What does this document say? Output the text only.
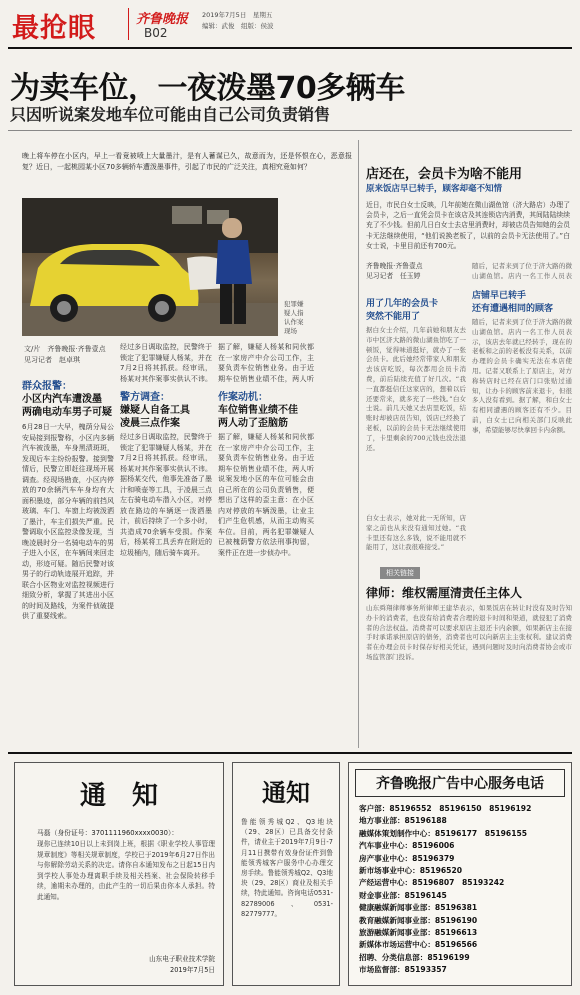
最抢眼	齐鲁晚报
B02
2019年7月5日　星期五
编辑：武俊　组版：侯波
为卖车位，一夜泼墨70多辆车
只因听说案发地车位可能由自己公司负责销售
晚上将车停在小区内，早上一看竟被喷上大量墨汁，是有人蓄谋已久，故意而为，还是怀恨在心，恶意报复？近日，一起桃园某小区70多辆轿车遭泼墨事件，引起了市民的广泛关注，真相究竟如何？
犯罪嫌疑人指认作案现场
文/片　齐鲁晚报·齐鲁壹点
见习记者　赵卓琪
群众报警：
小区内汽车遭泼墨
两确电动车男子可疑
6月28日一大早，槐荫分局公安局接到报警称，小区内多辆汽车被泼墨，车身黑渍斑斑，发现后车主纷纷报警。接到警情后，民警立即赶往现场开展调查。经现场勘查，小区内停放的70余辆汽车车身均有大面积墨迹，部分车辆的前挡风玻璃、车门、车窗上均被泼洒了墨汁，车主们损失严重。民警调取小区监控录像发现，当晚凌晨时分一名骑电动车的男子进入小区，在车辆间来回走动，形迹可疑。随后民警对该男子的行动轨迹展开追踪，并联合小区物业对监控视频进行细致分析，掌握了其进出小区的时间及路线，为案件侦破提供了重要线索。
经过多日调取监控，民警终于锁定了犯罪嫌疑人杨某，并在7月2日将其抓获。经审讯，杨某对其作案事实供认不讳。
警方调查：
嫌疑人自备工具
凌晨三点作案
经过多日调取监控，民警终于锁定了犯罪嫌疑人杨某，并在7月2日将其抓获。经审讯，杨某对其作案事实供认不讳。据杨某交代，他事先准备了墨汁和喷壶等工具，于凌晨三点左右骑电动车潜入小区，对停放在路边的车辆逐一泼洒墨汁，前后持续了一个多小时，共造成70余辆车受损。作案后，杨某将工具丢弃在附近的垃圾桶内，随后骑车离开。
据了解，嫌疑人杨某和同伙都在一家房产中介公司工作，主要负责车位销售业务。由于近期车位销售业绩不佳，两人听
作案动机：
车位销售业绩不佳
两人动了歪脑筋
据了解，嫌疑人杨某和同伙都在一家房产中介公司工作，主要负责车位销售业务。由于近期车位销售业绩不佳，两人听说案发地小区的车位可能会由自己所在的公司负责销售，便想出了这样的歪主意：在小区内对停放的车辆泼墨，让业主们产生危机感，从而主动购买车位。目前，两名犯罪嫌疑人已被槐荫警方依法刑事拘留，案件正在进一步侦办中。
店还在，会员卡为啥不能用
原来饭店早已转手，顾客却毫不知情
近日，市民白女士反映，几年前她在微山湖鱼馆（济大路店）办理了会员卡，之后一直凭会员卡在该店及其连锁店内消费，其间陆陆续续充了不少钱。但前几日白女士去店里消费时，却被店员告知她的会员卡无法继续使用，“他们说换老板了，以前的会员卡无法使用了。”白女士说，卡里目前还有700元。
齐鲁晚报·齐鲁壹点
见习记者　任玉婷
用了几年的会员卡
突然不能用了
据白女士介绍，几年前她和朋友去市中区济大路的微山湖鱼馆吃了一顿饭，觉得味道挺好，就办了一张会员卡。此后她经常带家人和朋友去该店吃饭，每次都用会员卡消费，前后陆续充值了好几次。“我一直都挺信任这家店的，想着以后还要常来，就多充了一些钱。”白女士说。前几天她又去店里吃饭，结账时却被店员告知，饭店已经换了老板，以前的会员卡无法继续使用了，卡里剩余的700元钱也没法退还。
白女士表示，她对此一无所知，店家之前也从来没有通知过她。“我卡里还有这么多钱，说不能用就不能用了，这让我很难接受。”
随后，记者来到了位于济大路的微山湖鱼馆。店内一名工作人员表
店铺早已转手
还有遭遇相同的顾客
随后，记者来到了位于济大路的微山湖鱼馆。店内一名工作人员表示，该店去年就已经转手，现在的老板和之前的老板没有关系，以前办理的会员卡确实无法在本店使用。记者又联系上了原店主，对方称转店时已经在店门口张贴过通知，让办卡的顾客前来退卡，但很多人没有看到。据了解，和白女士有相同遭遇的顾客还有不少。目前，白女士已向相关部门反映此事，希望能够尽快拿回卡内余额。
相关链接
律师：维权需厘清责任主体人
山东舜翔律师事务所律师王建华表示，如果饭店在转让时没有及时告知办卡的消费者，也没有给消费者合理的退卡时间和渠道，就侵犯了消费者的合法权益。消费者可以要求原店主退还卡内余额，如果新店主在接手时承诺承担原店的债务，消费者也可以向新店主主张权利。建议消费者在办理会员卡时保存好相关凭证，遇到问题时及时向消费者协会或市场监管部门投诉。
通　知
马磊（身份证号：3701111960xxxx0030）：
现你已连续10日以上未到岗上班，根据《职业学校人事管理规章制度》等相关规章制度，学校已于2019年6月27日作出与你解除劳动关系的决定。请你自本通知发布之日起15日内到学校人事处办理离职手续及相关档案、社会保险转移手续，逾期未办理的，由此产生的一切后果由你本人承担。特此通知。
山东电子职业技术学院
2019年7月5日
通知
鲁能领秀城Q2、Q3地块（29、28区）已具备交付条件，请业主于2019年7月9日-7月11日携带有效身份证件到鲁能领秀城客户服务中心办理交房手续。鲁能领秀城Q2、Q3地块（29、28区）商业及相关手续，特此通知。咨询电话0531-82789006、0531-82779777。
齐鲁晚报广告中心服务电话
客户部：85196552　85196150　85196192
地方事业部：85196188
融媒体策划制作中心：85196177　85196155
汽车事业中心：85196006
房产事业中心：85196379
新市场事业中心：85196520
产经运营中心：85196807　85193242
财金事业部：85196145
健康融媒新闻事业部：85196381
教育融媒新闻事业部：85196190
旅游融媒新闻事业部：85196613
新媒体市场运营中心：85196566
招聘、分类信息部：85196199
市场监督部：85193357
